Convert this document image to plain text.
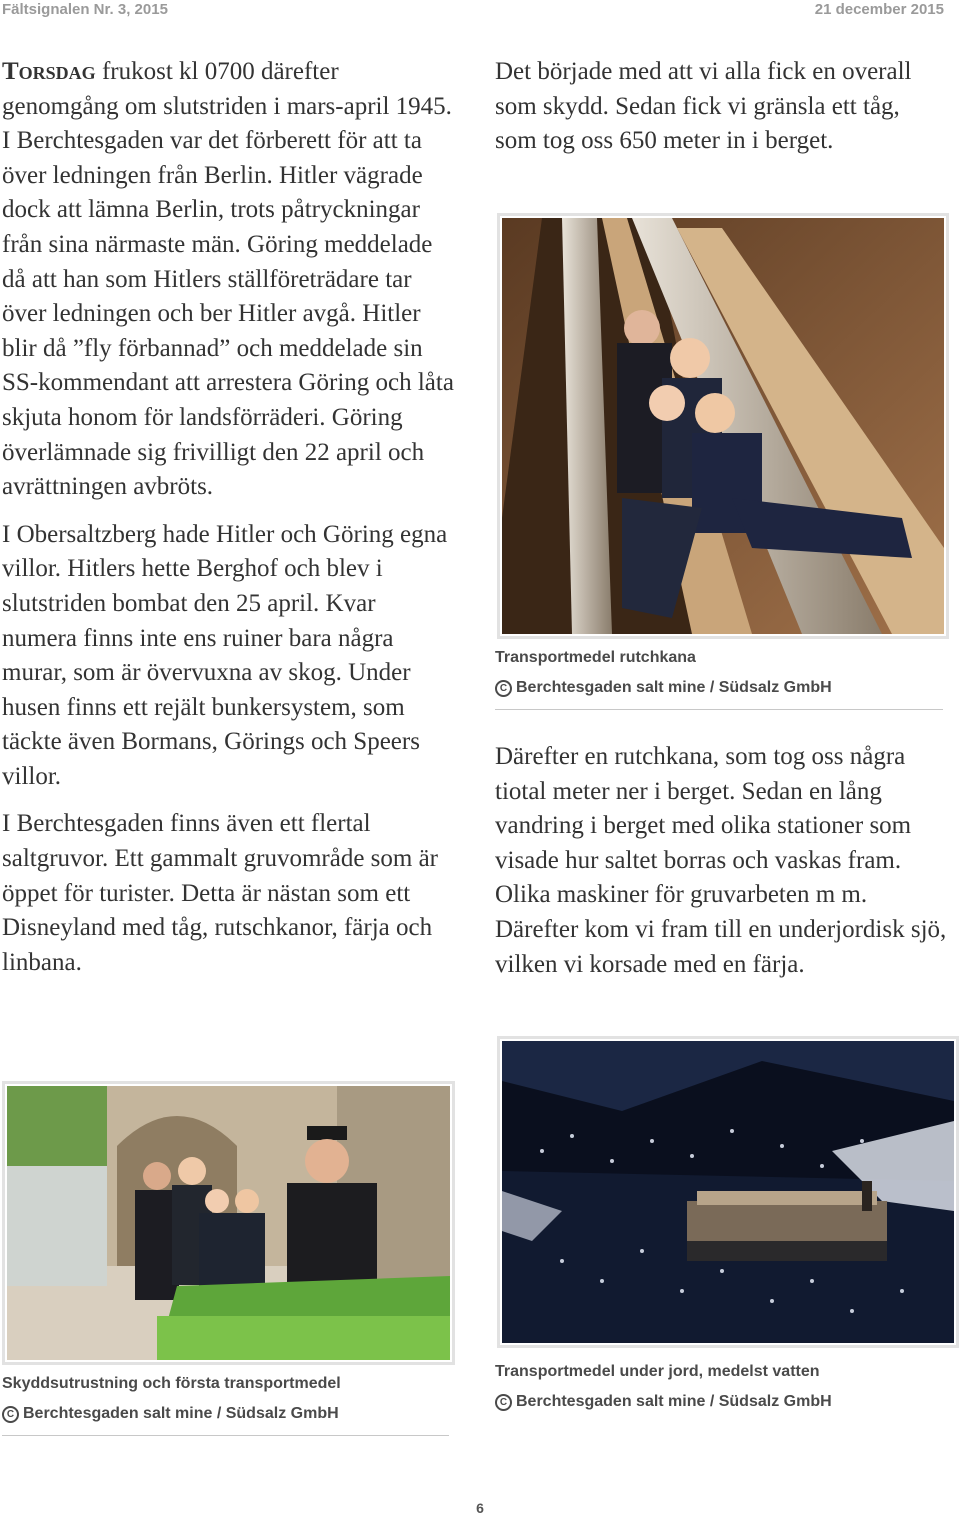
Fältsignalen Nr. 3, 2015	21 december 2015

Torsdag frukost kl 0700 därefter genomgång om slutstriden i mars-april 1945. I Berchtesgaden var det förberett för att ta över ledningen från Berlin. Hitler vägrade dock att lämna Berlin, trots påtryckningar från sina närmaste män. Göring meddelade då att han som Hitlers ställföreträdare tar över ledningen och ber Hitler avgå. Hitler blir då ”fly förbannad” och meddelade sin SS-kommendant att arrestera Göring och låta skjuta honom för landsförräderi. Göring överlämnade sig frivilligt den 22 april och avrättningen avbröts.

I Obersaltzberg hade Hitler och Göring egna villor. Hitlers hette Berghof och blev i slutstriden bombat den 25 april. Kvar numera finns inte ens ruiner bara några murar, som är övervuxna av skog. Under husen finns ett rejält bunkersystem, som täckte även Bormans, Görings och Speers villor.

I Berchtesgaden finns även ett flertal saltgruvor. Ett gammalt gruvområde som är öppet för turister. Detta är nästan som ett Disneyland med tåg, rutschkanor, färja och linbana.

Det började med att vi alla fick en overall som skydd. Sedan fick vi gränsla ett tåg, som tog oss 650 meter in i berget.

Transportmedel rutchkana
C Berchtesgaden salt mine / Südsalz GmbH

Därefter en rutchkana, som tog oss några tiotal meter ner i berget. Sedan en lång vandring i berget med olika stationer som visade hur saltet borras och vaskas fram. Olika maskiner för gruvarbeten m m. Därefter kom vi fram till en underjordisk sjö, vilken vi korsade med en färja.

Transportmedel under jord, medelst vatten
C Berchtesgaden salt mine / Südsalz GmbH
Skyddsutrustning och första transportmedel
C Berchtesgaden salt mine / Südsalz GmbH
6
